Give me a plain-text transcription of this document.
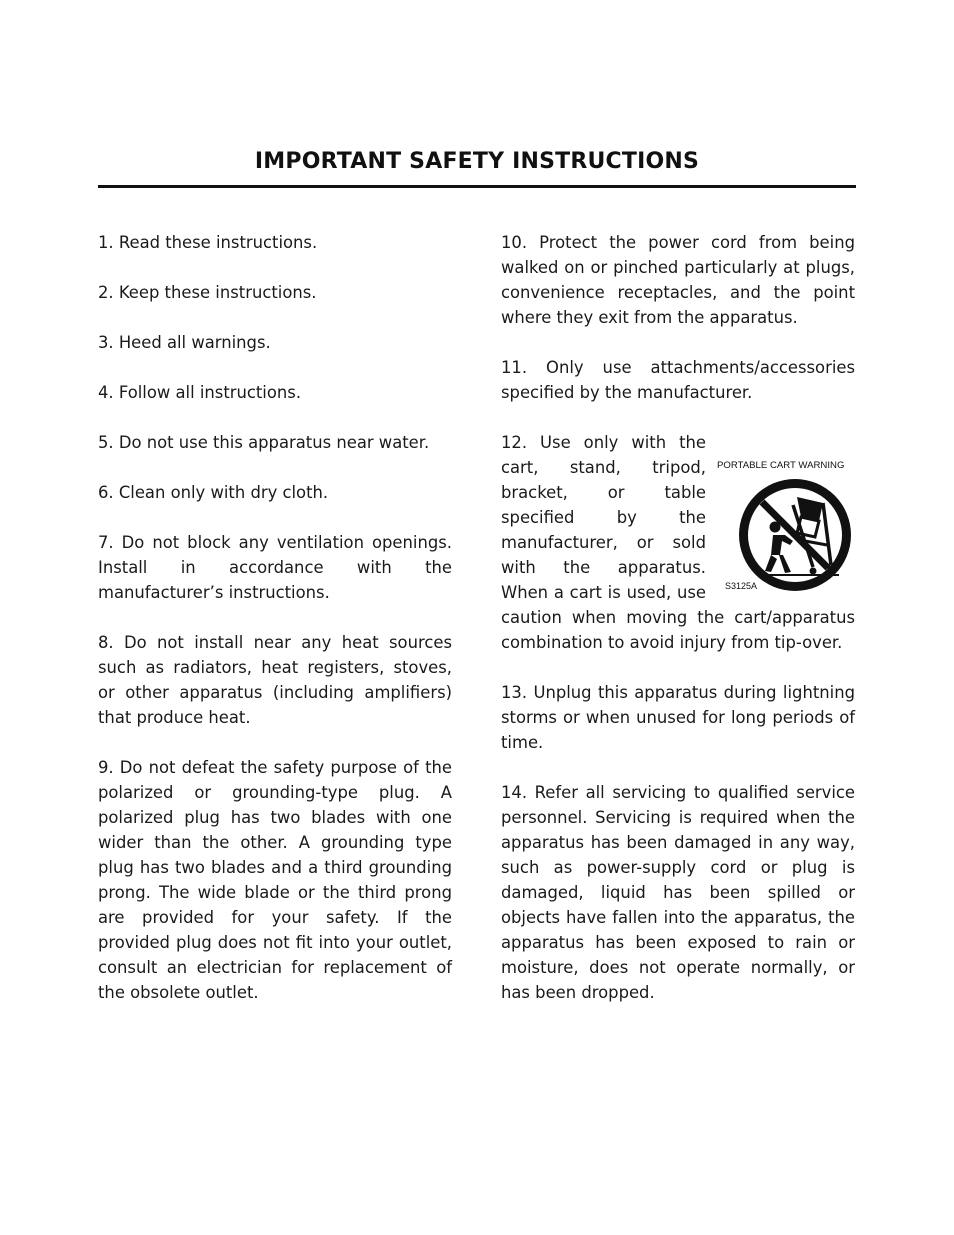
IMPORTANT SAFETY INSTRUCTIONS

1. Read these instructions.

2. Keep these instructions.

3. Heed all warnings.

4. Follow all instructions.

5. Do not use this apparatus near water.

6. Clean only with dry cloth.

7. Do not block any ventilation openings. Install in accordance with the manufacturer’s instructions.

8. Do not install near any heat sources such as radiators, heat registers, stoves, or other apparatus (including amplifiers) that produce heat.

9. Do not defeat the safety purpose of the polarized or grounding-type plug. A polarized plug has two blades with one wider than the other. A grounding type plug has two blades and a third grounding prong. The wide blade or the third prong are provided for your safety. If the provided plug does not fit into your outlet, consult an electrician for replacement of the obsolete outlet.

10. Protect the power cord from being walked on or pinched particularly at plugs, convenience receptacles, and the point where they exit from the apparatus.

11. Only use attachments/accessories specified by the manufacturer.

PORTABLE CART WARNING
S3125A
12. Use only with the cart, stand, tripod, bracket, or table specified by the manufacturer, or sold with the apparatus. When a cart is used, use caution when moving the cart/apparatus combination to avoid injury from tip-over.

13. Unplug this apparatus during lightning storms or when unused for long periods of time.

14. Refer all servicing to qualified service personnel. Servicing is required when the apparatus has been damaged in any way, such as power-supply cord or plug is damaged, liquid has been spilled or objects have fallen into the apparatus, the apparatus has been exposed to rain or moisture, does not operate normally, or has been dropped.
